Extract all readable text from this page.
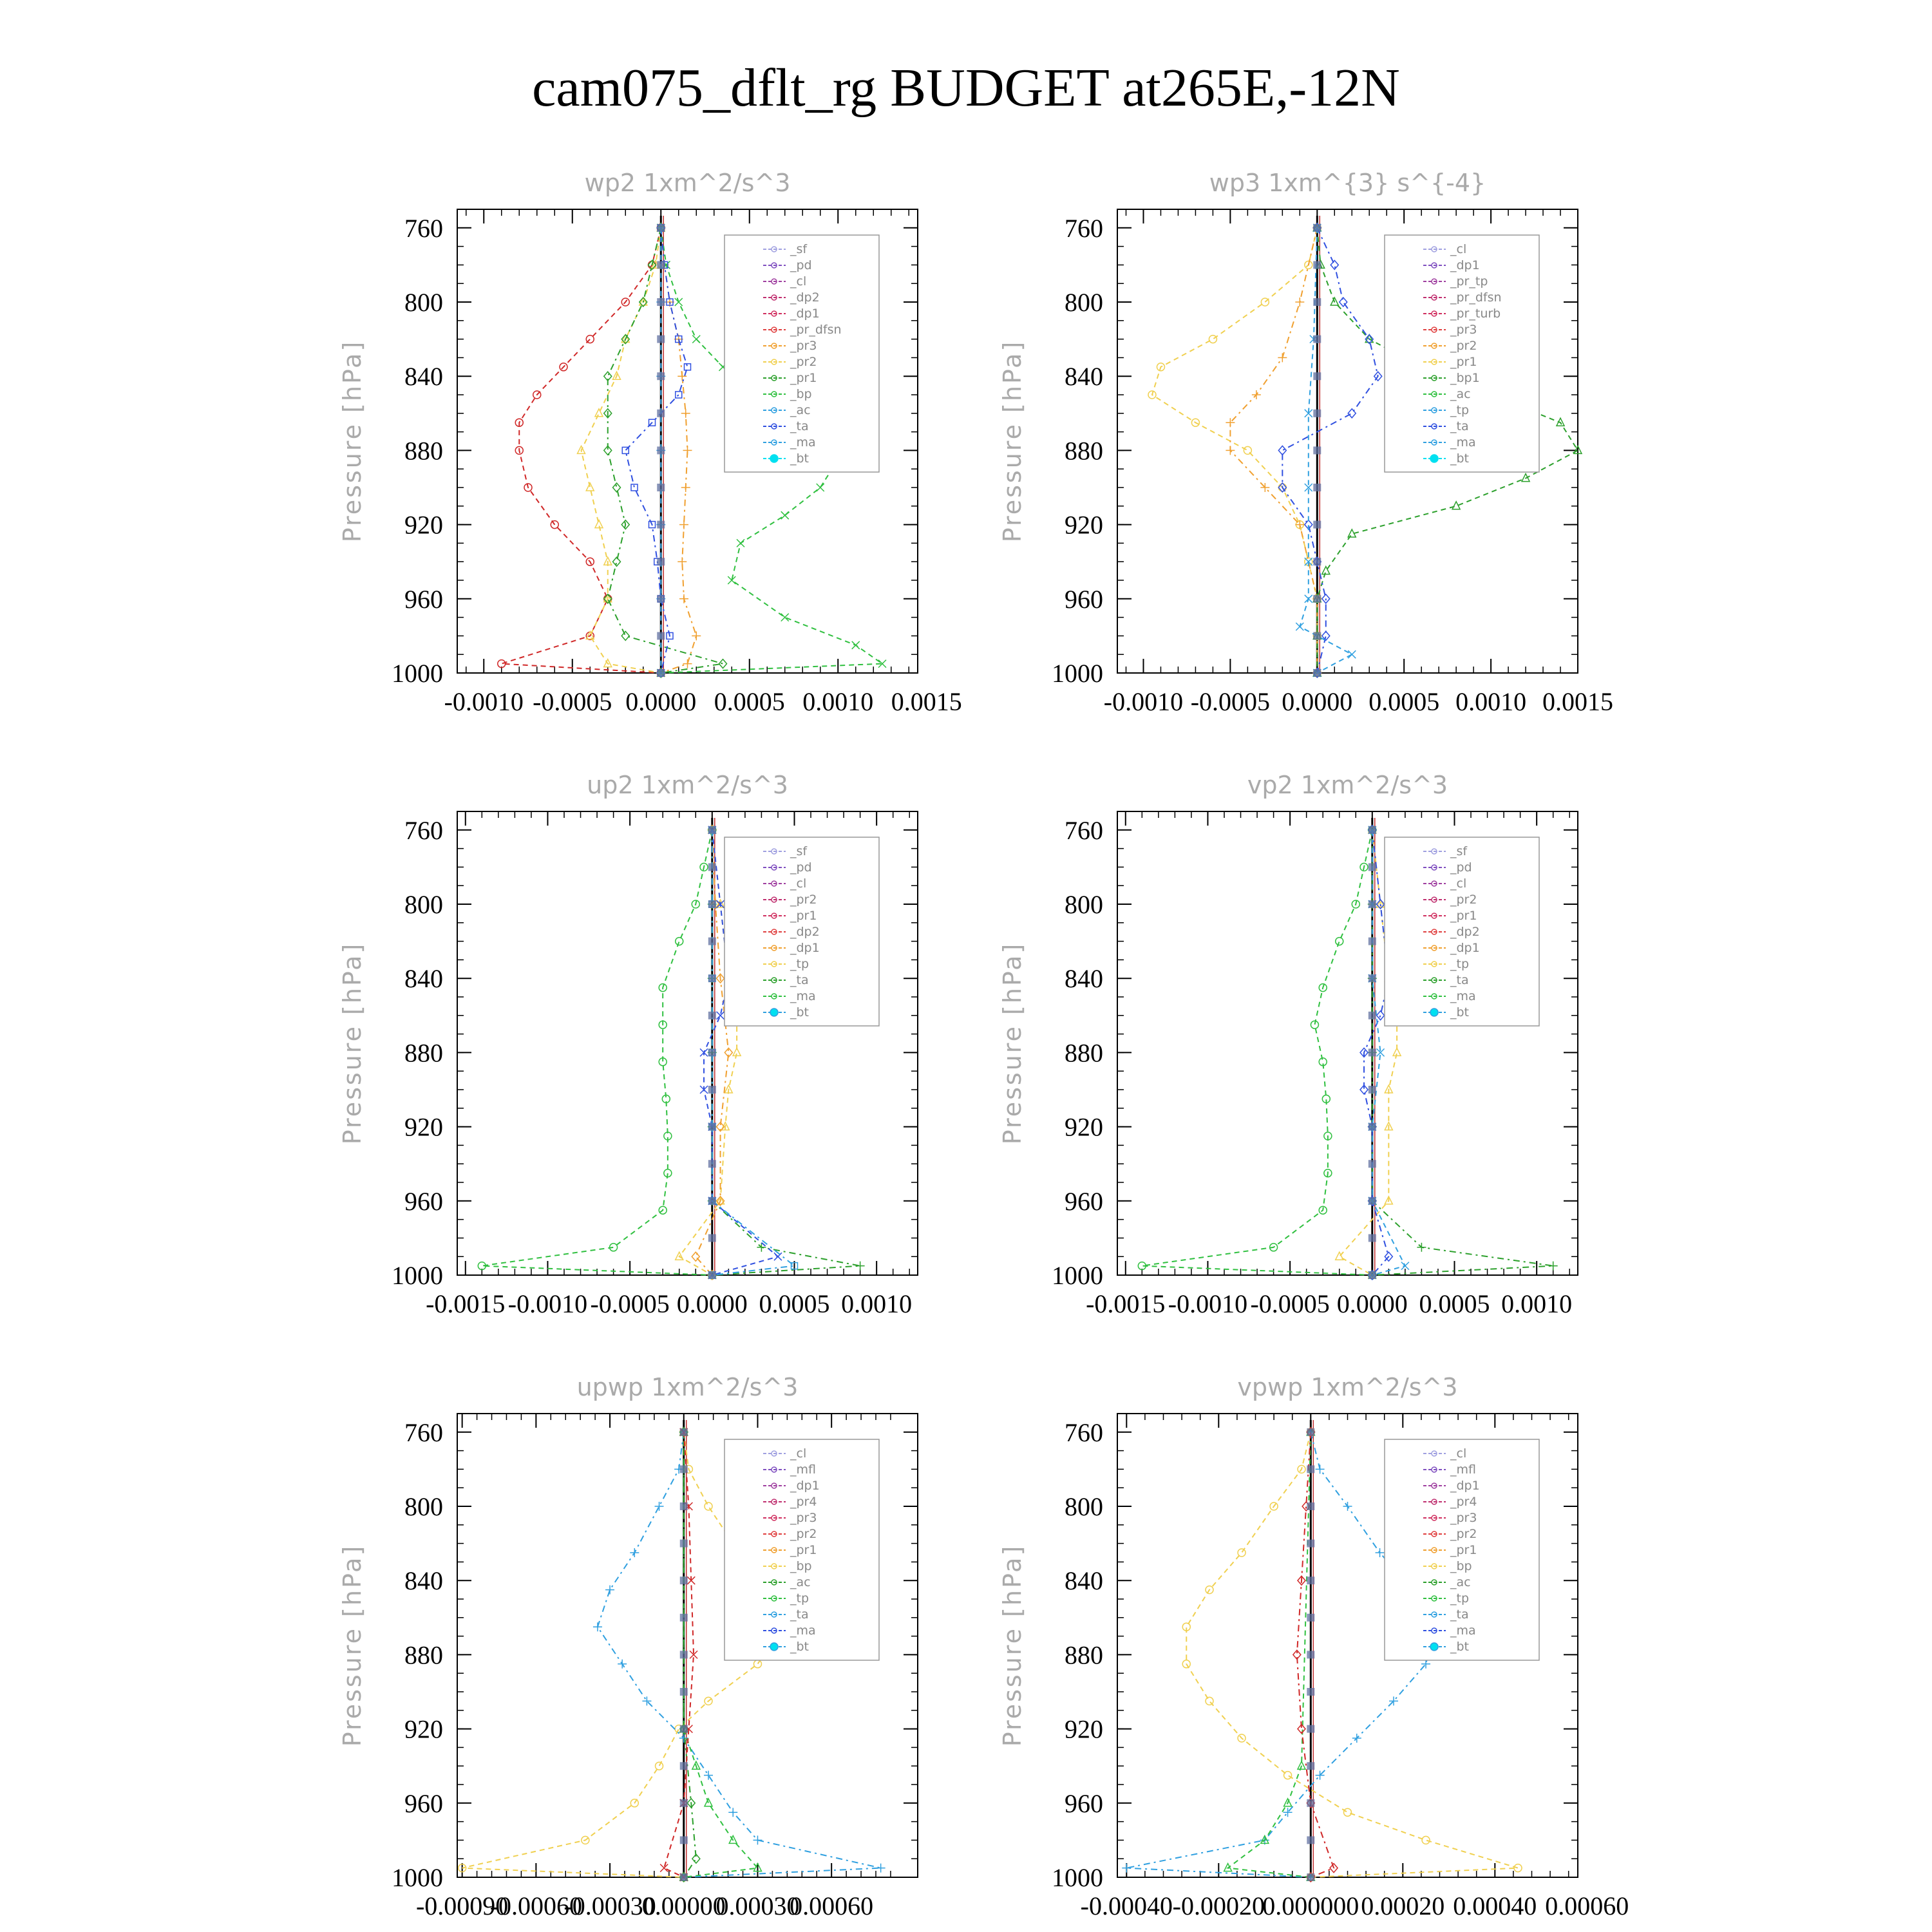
cam075_dflt_rg BUDGET at265E,-12N
wp2 1xm^2/s^3
Pressure [hPa]
760
800
840
880
920
960
1000
-0.0010 -0.0005 0.0000 0.0005 0.0010 0.0015
_sf
_pd
_cl
_dp2
_dp1
_pr_dfsn
_pr3
_pr2
_pr1
_bp
_ac
_ta
_ma
_bt
wp3 1xm^{3} s^{-4}
Pressure [hPa]
760
800
840
880
920
960
1000
-0.0010 -0.0005 0.0000 0.0005 0.0010 0.0015
_cl
_dp1
_pr_tp
_pr_dfsn
_pr_turb
_pr3
_pr2
_pr1
_bp1
_ac
_tp
_ta
_ma
_bt
up2 1xm^2/s^3
Pressure [hPa]
760
800
840
880
920
960
1000
-0.0015 -0.0010 -0.0005 0.0000 0.0005 0.0010
_sf
_pd
_cl
_pr2
_pr1
_dp2
_dp1
_tp
_ta
_ma
_bt
vp2 1xm^2/s^3
Pressure [hPa]
760
800
840
880
920
960
1000
-0.0015 -0.0010 -0.0005 0.0000 0.0005 0.0010
_sf
_pd
_cl
_pr2
_pr1
_dp2
_dp1
_tp
_ta
_ma
_bt
upwp 1xm^2/s^3
Pressure [hPa]
760
800
840
880
920
960
1000
-0.00090
-0.00060
-0.00030
0.00000
0.00030
0.00060
_cl
_mfl
_dp1
_pr4
_pr3
_pr2
_pr1
_bp
_ac
_tp
_ta
_ma
_bt
vpwp 1xm^2/s^3
Pressure [hPa]
760
800
840
880
920
960
1000
-0.00040 -0.00020
0.000000 0.00020 0.00040 0.00060
_cl
_mfl
_dp1
_pr4
_pr3
_pr2
_pr1
_bp
_ac
_tp
_ta
_ma
_bt
